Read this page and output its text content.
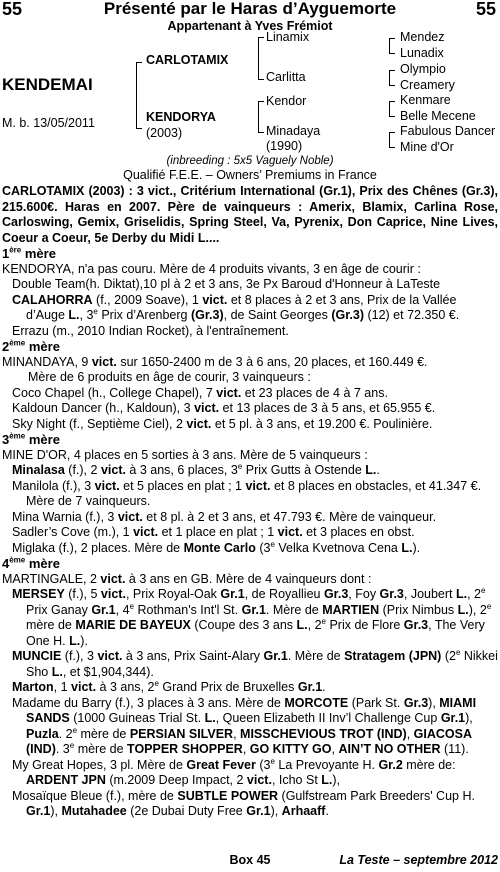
55	Présenté par le Haras d’Ayguemorte	55
Appartenant à Yves Frémiot
KENDEMAI
M. b. 13/05/2011
CARLOTAMIX
KENDORYA
(2003)
Linamix
Carlitta
Kendor
Minadaya
(1990)
Mendez
Lunadix
Olympio
Creamery
Kenmare
Belle Mecene
Fabulous Dancer
Mine d'Or
(inbreeding : 5x5 Vaguely Noble)
Qualifié F.E.E. – Owners’ Premiums in France

CARLOTAMIX (2003) : 3 vict., Critérium International (Gr.1), Prix des Chênes (Gr.3), 215.600€. Haras en 2007. Père de vainqueurs : Amerix, Blamix, Carlina Rose, Carloswing, Gemix, Griselidis, Spring Steel, Va, Pyrenix, Don Caprice, Nine Lives, Coeur a Coeur, 5e Derby du Midi L....

1ère mère

KENDORYA, n'a pas couru. Mère de 4 produits vivants, 3 en âge de courir :

Double Team(h. Diktat),10 pl à 2 et 3 ans, 3e Px Baroud d'Honneur à LaTeste

CALAHORRA (f., 2009 Soave), 1 vict. et 8 places à 2 et 3 ans, Prix de la Vallée d’Auge L., 3e Prix d’Arenberg (Gr.3), de Saint Georges (Gr.3) (12) et 72.350 €.

Errazu (m., 2010 Indian Rocket), à l'entraînement.

2ème mère

MINANDAYA, 9 vict. sur 1650-2400 m de 3 à 6 ans, 20 places, et 160.449 €.

Mère de 6 produits en âge de courir, 3 vainqueurs :

Coco Chapel (h., College Chapel), 7 vict. et 23 places de 4 à 7 ans.

Kaldoun Dancer (h., Kaldoun), 3 vict. et 13 places de 3 à 5 ans, et 65.955 €.

Sky Night (f., Septième Ciel), 2 vict. et 5 pl. à 3 ans, et 19.200 €. Poulinière.

3ème mère

MINE D'OR, 4 places en 5 sorties à 3 ans. Mère de 5 vainqueurs :

Minalasa (f.), 2 vict. à 3 ans, 6 places, 3e Prix Gutts à Ostende L..

Manilola (f.), 3 vict. et 5 places en plat ; 1 vict. et 8 places en obstacles, et 41.347 €. Mère de 7 vainqueurs.

Mina Warnia (f.), 3 vict. et 8 pl. à 2 et 3 ans, et 47.793 €. Mère de vainqueur.

Sadler’s Cove (m.), 1 vict. et 1 place en plat ; 1 vict. et 3 places en obst.

Miglaka (f.), 2 places. Mère de Monte Carlo (3e Velka Kvetnova Cena L.).

4ème mère

MARTINGALE, 2 vict. à 3 ans en GB. Mère de 4 vainqueurs dont :

MERSEY (f.), 5 vict., Prix Royal-Oak Gr.1, de Royallieu Gr.3, Foy Gr.3, Joubert L., 2e Prix Ganay Gr.1, 4e Rothman's Int'l St. Gr.1. Mère de MARTIEN (Prix Nimbus L.), 2e mère de MARIE DE BAYEUX (Coupe des 3 ans L., 2e Prix de Flore Gr.3, The Very One H. L.).

MUNCIE (f.), 3 vict. à 3 ans, Prix Saint-Alary Gr.1. Mère de Stratagem (JPN) (2e Nikkei Sho L., et $1,904,344).

Marton, 1 vict. à 3 ans, 2e Grand Prix de Bruxelles Gr.1.

Madame du Barry (f.), 3 places à 3 ans. Mère de MORCOTE (Park St. Gr.3), MIAMI SANDS (1000 Guineas Trial St. L., Queen Elizabeth II Inv’l Challenge Cup Gr.1), Puzla. 2e mère de PERSIAN SILVER, MISSCHEVIOUS TROT (IND), GIACOSA (IND). 3e mère de TOPPER SHOPPER, GO KITTY GO, AIN’T NO OTHER (11).

My Great Hopes, 3 pl. Mère de Great Fever (3e La Prevoyante H. Gr.2 mère de: ARDENT JPN (m.2009 Deep Impact, 2 vict., Icho St L.),

Mosaïque Bleue (f.), mère de SUBTLE POWER (Gulfstream Park Breeders' Cup H. Gr.1), Mutahadee (2e Dubai Duty Free Gr.1), Arhaaff.

Box 45	La Teste – septembre 2012
